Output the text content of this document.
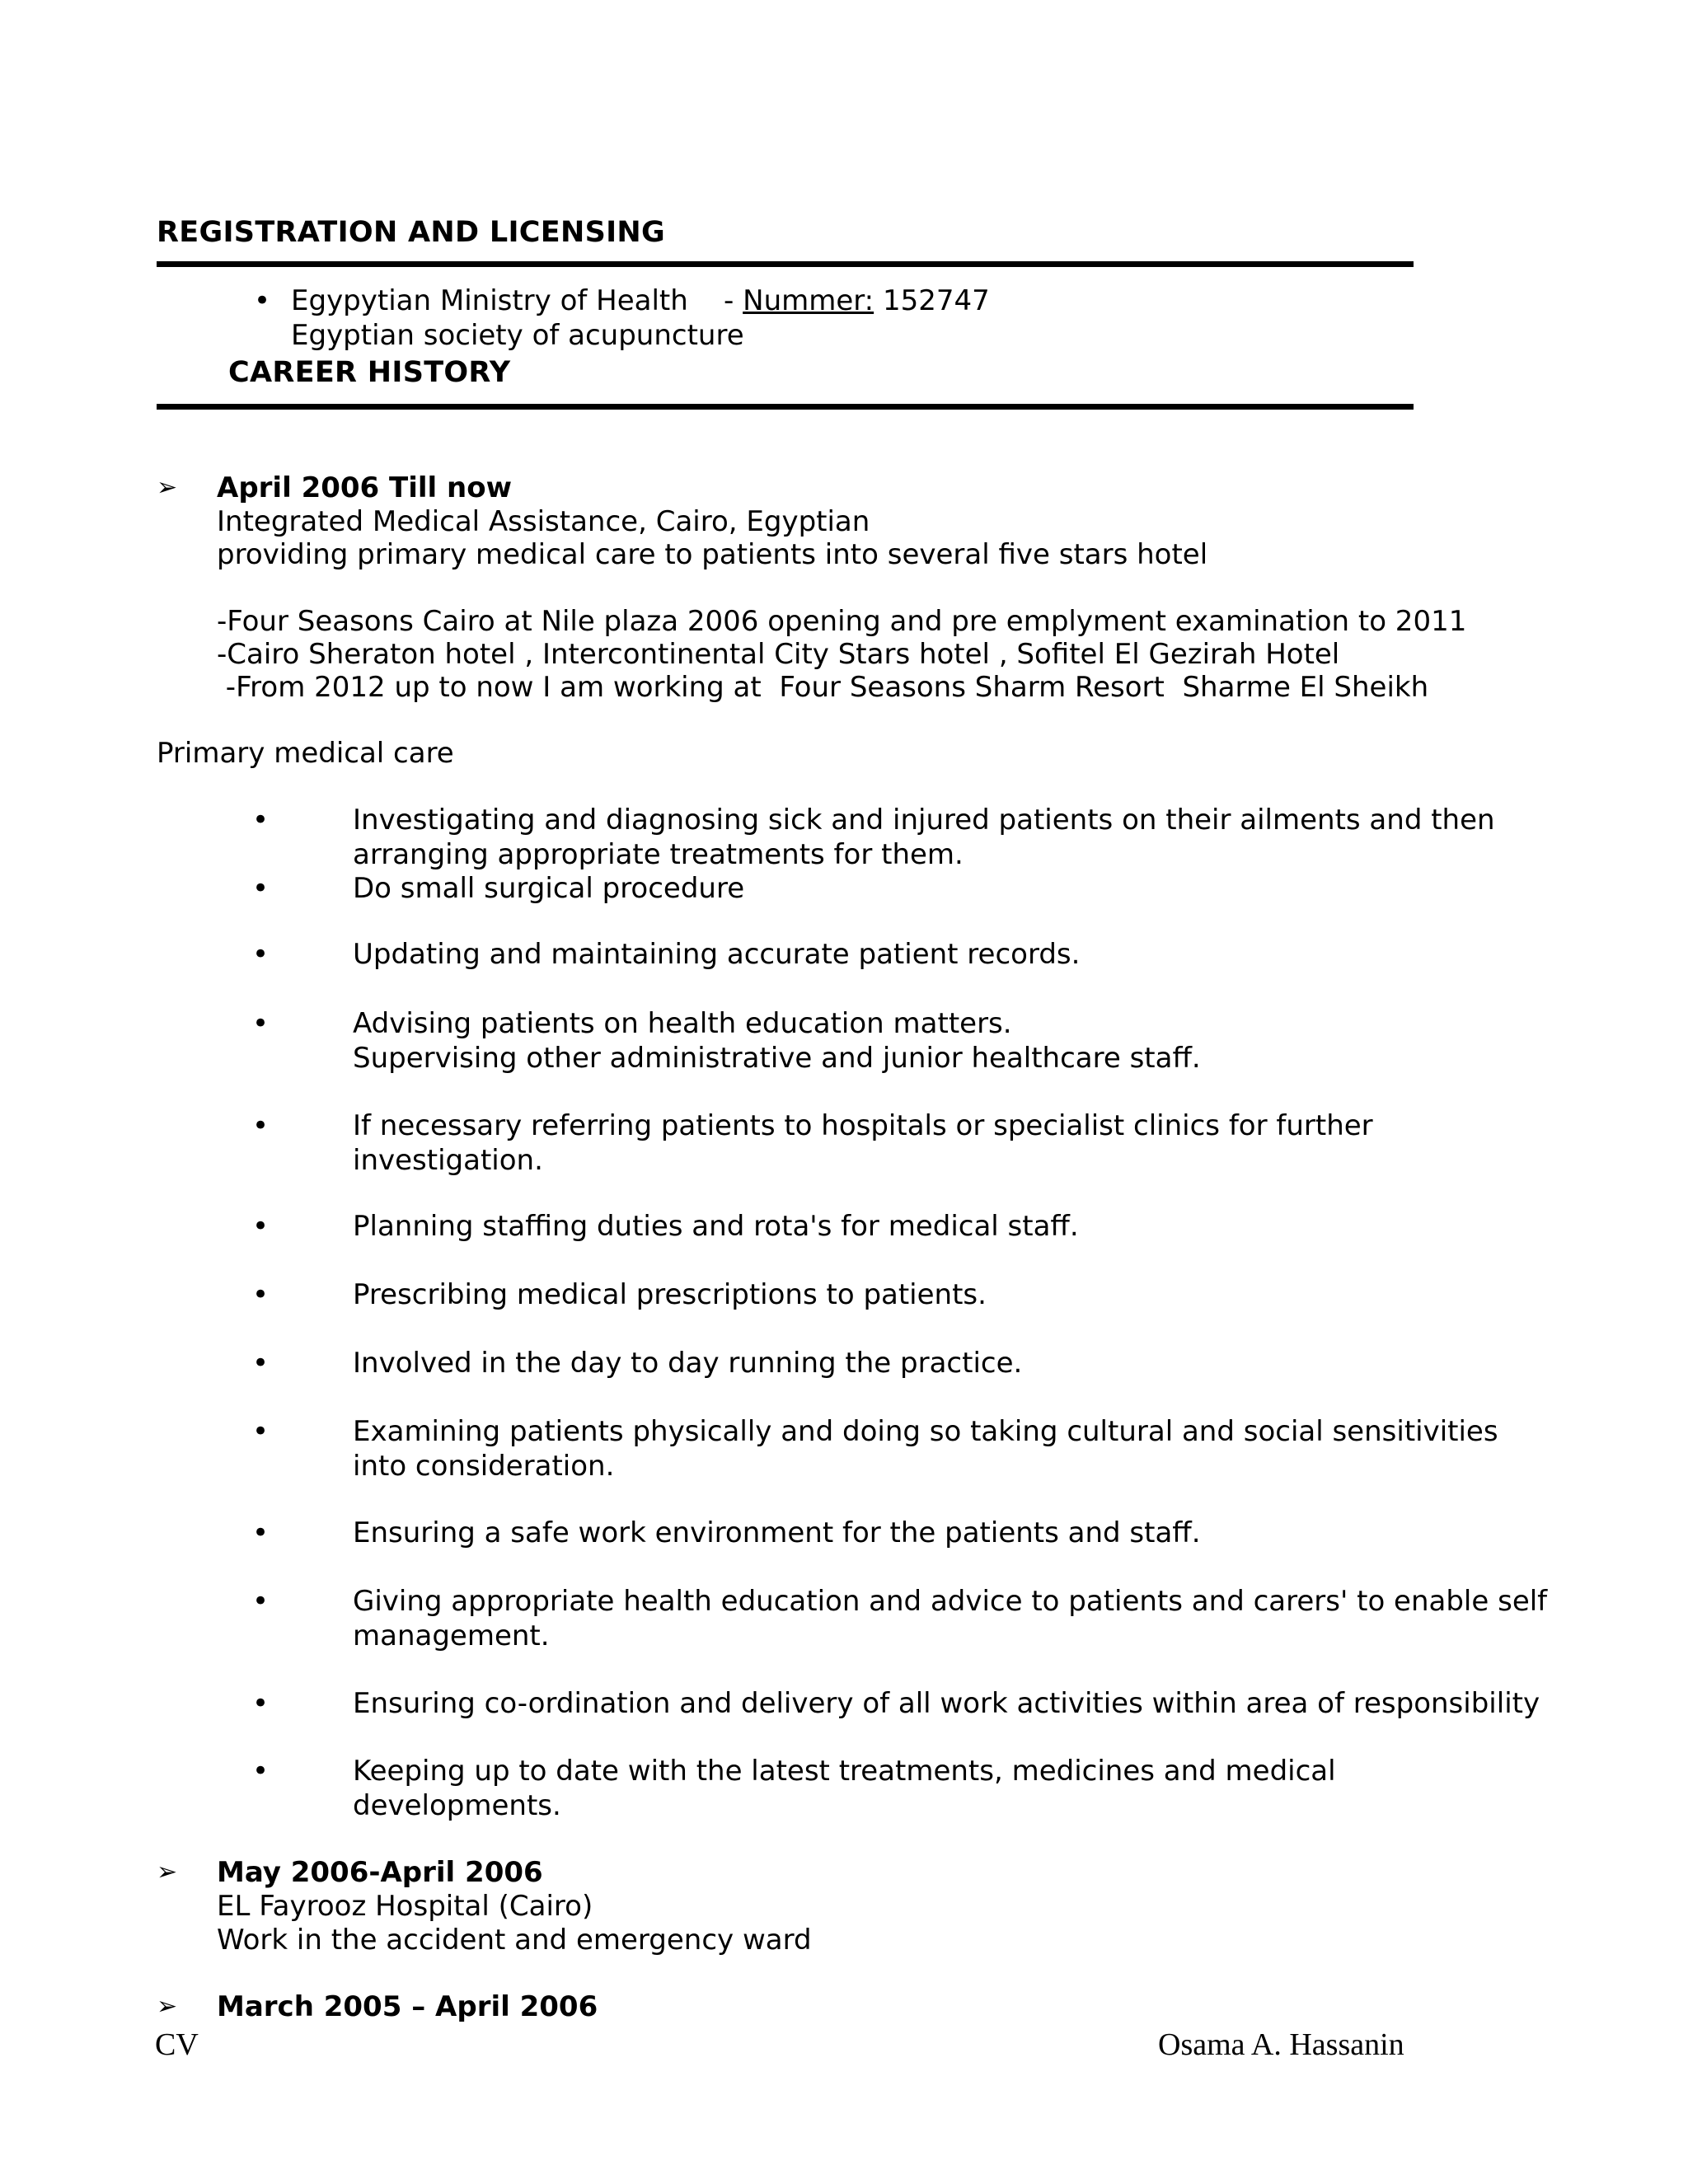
REGISTRATION AND LICENSING
• Egypytian Ministry of Health - Nummer: 152747
Egyptian society of acupuncture
CAREER HISTORY
➢ April 2006 Till now
Integrated Medical Assistance, Cairo, Egyptian
providing primary medical care to patients into several five stars hotel
-Four Seasons Cairo at Nile plaza 2006 opening and pre emplyment examination to 2011
-Cairo Sheraton hotel , Intercontinental City Stars hotel , Sofitel El Gezirah Hotel
-From 2012 up to now I am working at  Four Seasons Sharm Resort  Sharme El Sheikh
Primary medical care
•	Investigating and diagnosing sick and injured patients on their ailments and then
arranging appropriate treatments for them.
•	Do small surgical procedure
•	Updating and maintaining accurate patient records.
•	Advising patients on health education matters.
Supervising other administrative and junior healthcare staff.
•	If necessary referring patients to hospitals or specialist clinics for further
investigation.
•	Planning staffing duties and rota's for medical staff.
•	Prescribing medical prescriptions to patients.
•	Involved in the day to day running the practice.
•	Examining patients physically and doing so taking cultural and social sensitivities
into consideration.
•	Ensuring a safe work environment for the patients and staff.
•	Giving appropriate health education and advice to patients and carers' to enable self
management.
•	Ensuring co-ordination and delivery of all work activities within area of responsibility
•	Keeping up to date with the latest treatments, medicines and medical
developments.
➢ May 2006-April 2006
EL Fayrooz Hospital (Cairo)
Work in the accident and emergency ward
➢ March 2005 – April 2006
CV	Osama A. Hassanin
